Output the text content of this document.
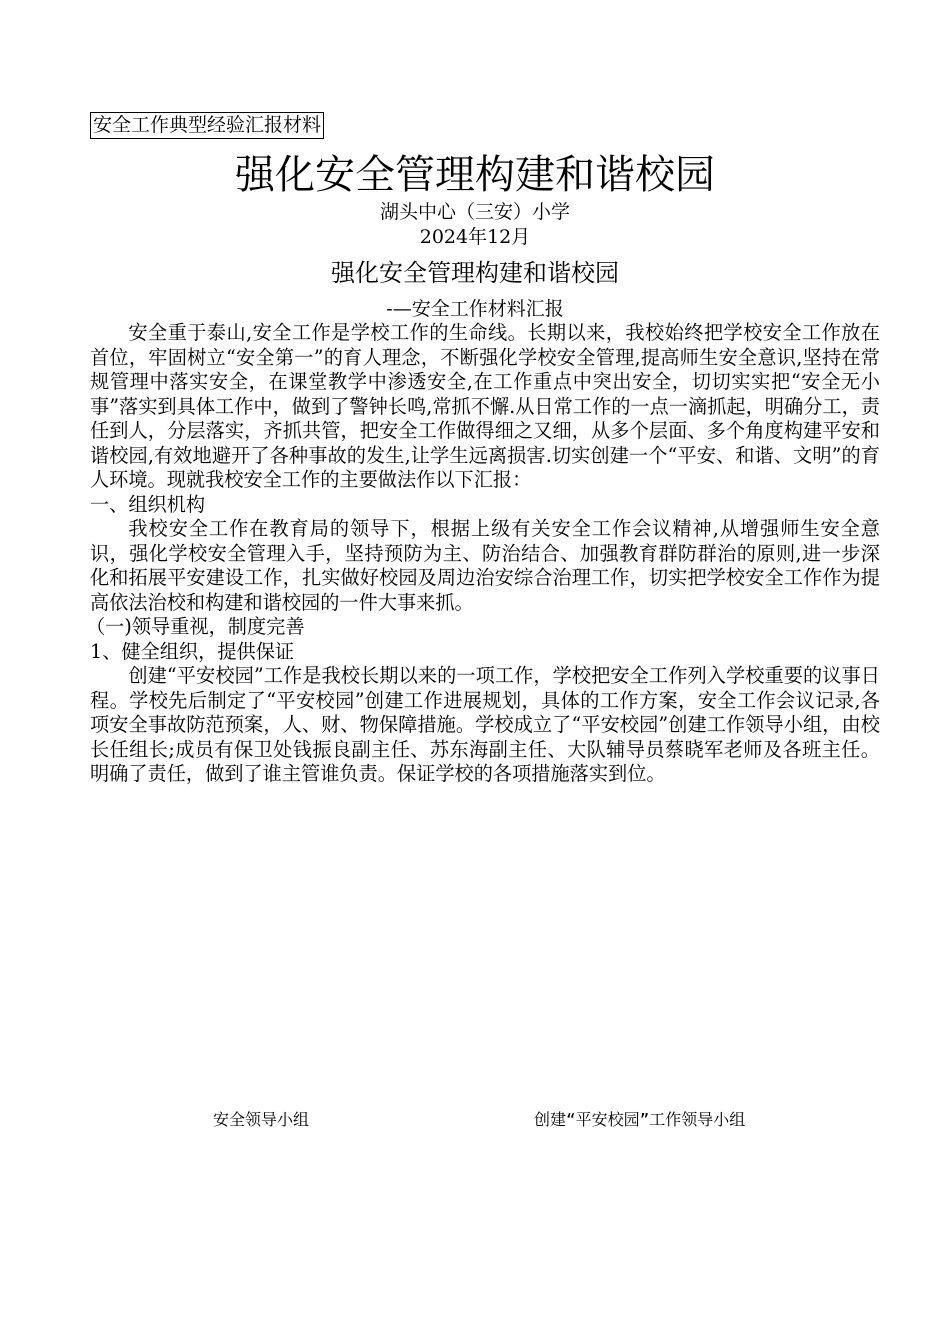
安全工作典型经验汇报材料
强化安全管理构建和谐校园
湖头中心（三安）小学
2024年12月
强化安全管理构建和谐校园
-—安全工作材料汇报

安全重于泰山,安全工作是学校工作的生命线。长期以来，我校始终把学校安全工作放在首位，牢固树立“安全第一”的育人理念，不断强化学校安全管理,提高师生安全意识,坚持在常规管理中落实安全，在课堂教学中渗透安全,在工作重点中突出安全，切切实实把“安全无小事”落实到具体工作中，做到了警钟长鸣,常抓不懈.从日常工作的一点一滴抓起，明确分工，责任到人，分层落实，齐抓共管，把安全工作做得细之又细，从多个层面、多个角度构建平安和谐校园,有效地避开了各种事故的发生,让学生远离损害.切实创建一个“平安、和谐、文明”的育人环境。现就我校安全工作的主要做法作以下汇报：

一、组织机构

我校安全工作在教育局的领导下，根据上级有关安全工作会议精神,从增强师生安全意识，强化学校安全管理入手，坚持预防为主、防治结合、加强教育群防群治的原则,进一步深化和拓展平安建设工作，扎实做好校园及周边治安综合治理工作，切实把学校安全工作作为提高依法治校和构建和谐校园的一件大事来抓。

（一)领导重视，制度完善

1、健全组织，提供保证

创建“平安校园”工作是我校长期以来的一项工作，学校把安全工作列入学校重要的议事日程。学校先后制定了“平安校园”创建工作进展规划，具体的工作方案，安全工作会议记录,各项安全事故防范预案，人、财、物保障措施。学校成立了“平安校园”创建工作领导小组，由校长任组长;成员有保卫处钱振良副主任、苏东海副主任、大队辅导员蔡晓军老师及各班主任。明确了责任，做到了谁主管谁负责。保证学校的各项措施落实到位。

安全领导小组	创建“平安校园”工作领导小组
